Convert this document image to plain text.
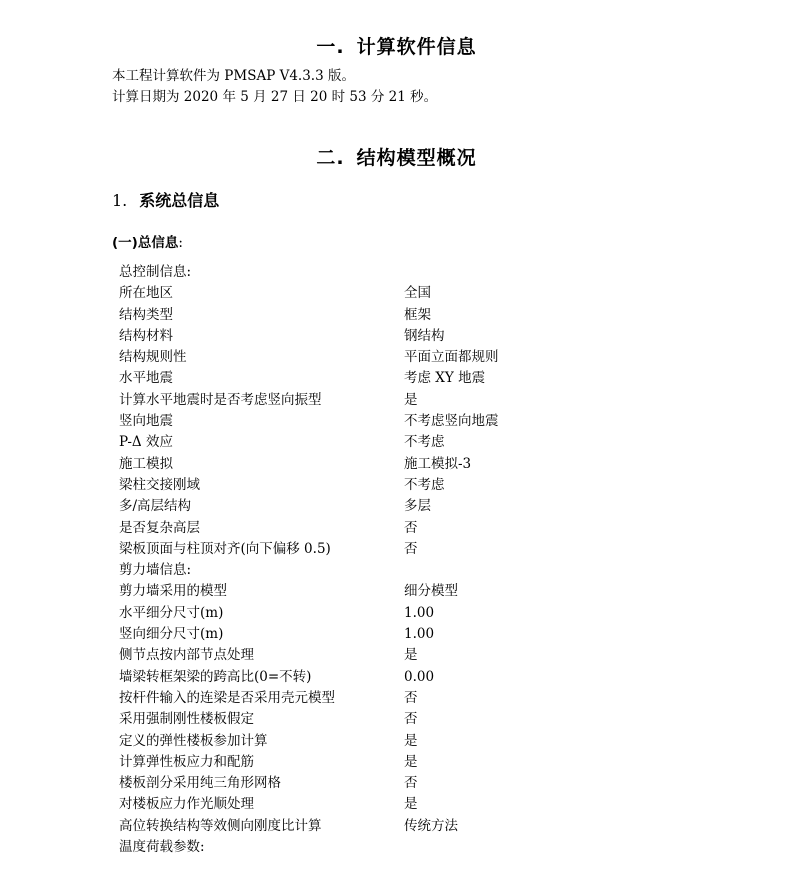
一. 计算软件信息
本工程计算软件为 PMSAP V4.3.3 版。
计算日期为 2020 年 5 月 27 日 20 时 53 分 21 秒。
二. 结构模型概况
1. 系统总信息
(一)总信息:
总控制信息:
所在地区	全国
结构类型	框架
结构材料	钢结构
结构规则性	平面立面都规则
水平地震	考虑 XY 地震
计算水平地震时是否考虑竖向振型	是
竖向地震	不考虑竖向地震
P-Δ 效应	不考虑
施工模拟	施工模拟-3
梁柱交接刚域	不考虑
多/高层结构	多层
是否复杂高层	否
梁板顶面与柱顶对齐(向下偏移 0.5)	否
剪力墙信息:
剪力墙采用的模型	细分模型
水平细分尺寸(m)	1.00
竖向细分尺寸(m)	1.00
侧节点按内部节点处理	是
墙梁转框架梁的跨高比(0=不转)	0.00
按杆件输入的连梁是否采用壳元模型	否
采用强制刚性楼板假定	否
定义的弹性楼板参加计算	是
计算弹性板应力和配筋	是
楼板剖分采用纯三角形网格	否
对楼板应力作光顺处理	是
高位转换结构等效侧向刚度比计算	传统方法
温度荷载参数:
